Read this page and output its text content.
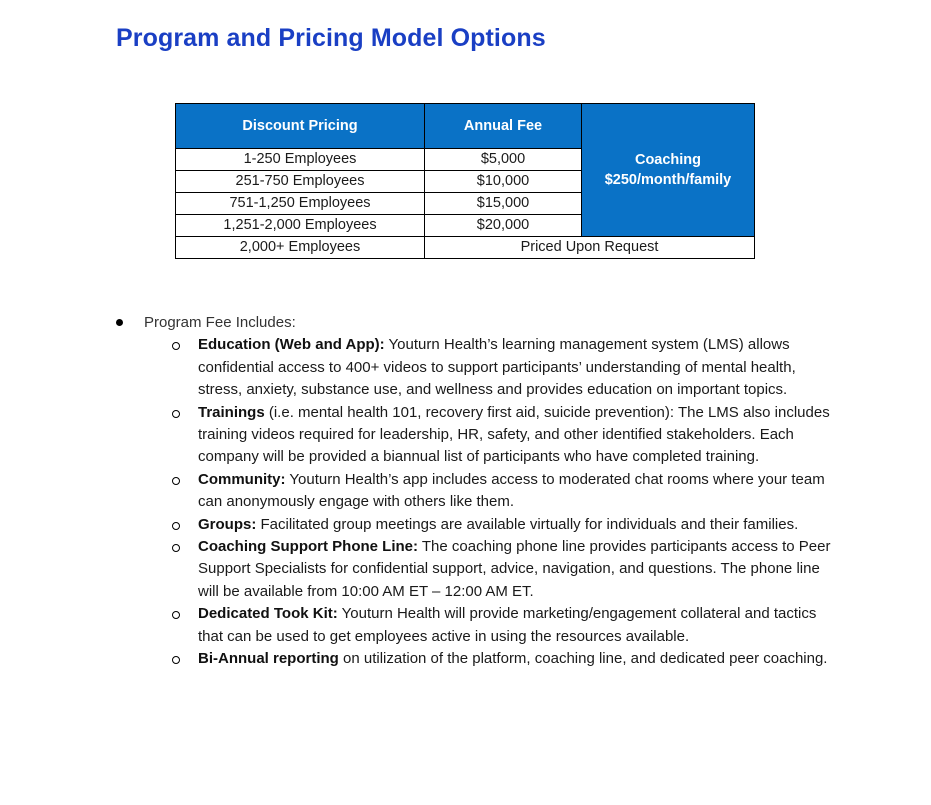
Program and Pricing Model Options
Discount Pricing	Annual Fee	Coaching
$250/month/family

1-250 Employees	$5,000	
251-750 Employees	$10,000	
751-1,250 Employees	$15,000	
1,251-2,000 Employees	$20,000	
2,000+ Employees	Priced Upon Request	
Program Fee Includes:
Education (Web and App): Youturn Health’s learning management system (LMS) allows confidential access to 400+ videos to support participants’ understanding of mental health, stress, anxiety, substance use, and wellness and provides education on important topics.
Trainings (i.e. mental health 101, recovery first aid, suicide prevention): The LMS also includes training videos required for leadership, HR, safety, and other identified stakeholders. Each company will be provided a biannual list of participants who have completed training.
Community: Youturn Health’s app includes access to moderated chat rooms where your team can anonymously engage with others like them.
Groups: Facilitated group meetings are available virtually for individuals and their families.
Coaching Support Phone Line: The coaching phone line provides participants access to Peer Support Specialists for confidential support, advice, navigation, and questions. The phone line will be available from 10:00 AM ET – 12:00 AM ET.
Dedicated Took Kit: Youturn Health will provide marketing/engagement collateral and tactics that can be used to get employees active in using the resources available.
Bi-Annual reporting on utilization of the platform, coaching line, and dedicated peer coaching.
